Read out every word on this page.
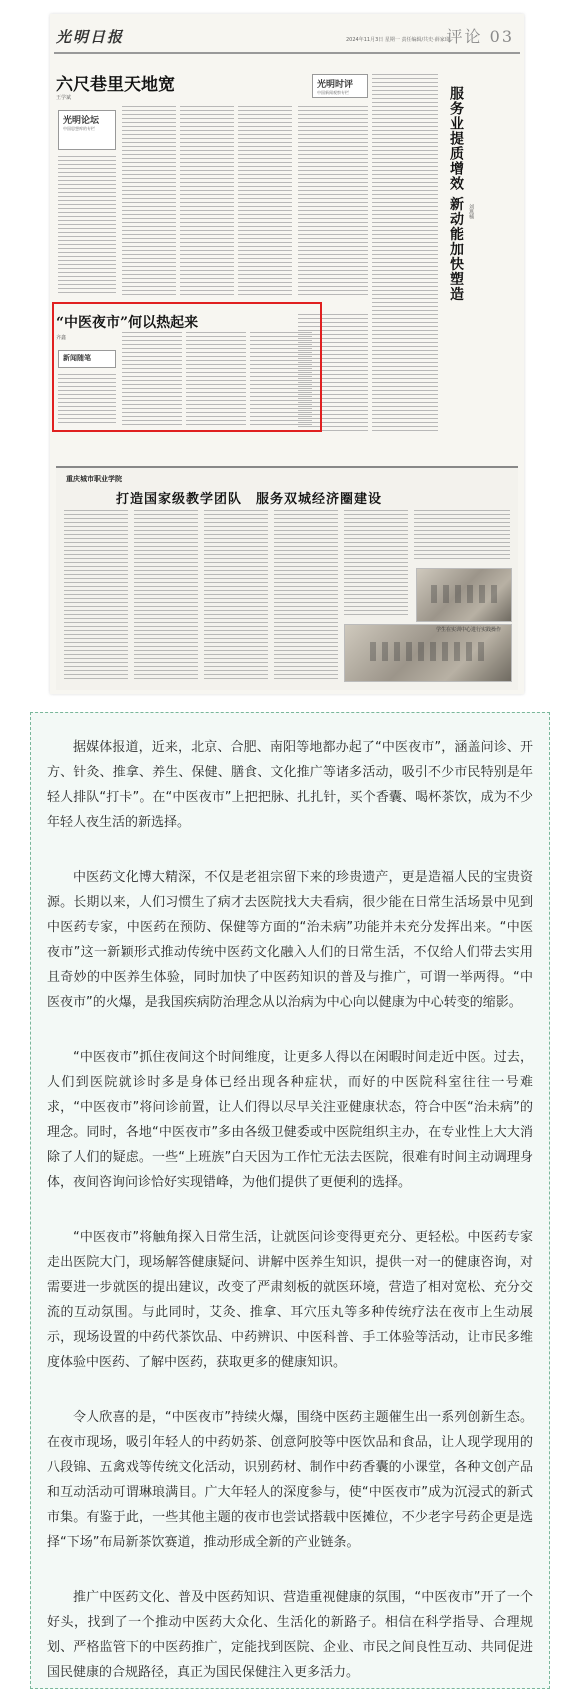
光明日报	2024年11月3日 星期一 责任编辑/共史·薛家琦
评论 03
六尺巷里天地宽
王学斌
光明论坛
中国思想库的专栏
光明时评
中国新闻观察专栏	服务业提质增效 新动能加快塑造 刘燕楠
“中医夜市”何以热起来
齐鑫
新闻随笔
重庆城市职业学院
打造国家级教学团队　服务双城经济圈建设
学生在实训中心进行实践操作

据媒体报道，近来，北京、合肥、南阳等地都办起了“中医夜市”，涵盖问诊、开方、针灸、推拿、养生、保健、膳食、文化推广等诸多活动，吸引不少市民特别是年轻人排队“打卡”。在“中医夜市”上把把脉、扎扎针，买个香囊、喝杯茶饮，成为不少年轻人夜生活的新选择。

中医药文化博大精深，不仅是老祖宗留下来的珍贵遗产，更是造福人民的宝贵资源。长期以来，人们习惯生了病才去医院找大夫看病，很少能在日常生活场景中见到中医药专家，中医药在预防、保健等方面的“治未病”功能并未充分发挥出来。“中医夜市”这一新颖形式推动传统中医药文化融入人们的日常生活，不仅给人们带去实用且奇妙的中医养生体验，同时加快了中医药知识的普及与推广，可谓一举两得。“中医夜市”的火爆，是我国疾病防治理念从以治病为中心向以健康为中心转变的缩影。

“中医夜市”抓住夜间这个时间维度，让更多人得以在闲暇时间走近中医。过去，人们到医院就诊时多是身体已经出现各种症状，而好的中医院科室往往一号难求，“中医夜市”将问诊前置，让人们得以尽早关注亚健康状态，符合中医“治未病”的理念。同时，各地“中医夜市”多由各级卫健委或中医院组织主办，在专业性上大大消除了人们的疑虑。一些“上班族”白天因为工作忙无法去医院，很难有时间主动调理身体，夜间咨询问诊恰好实现错峰，为他们提供了更便利的选择。

“中医夜市”将触角探入日常生活，让就医问诊变得更充分、更轻松。中医药专家走出医院大门，现场解答健康疑问、讲解中医养生知识，提供一对一的健康咨询，对需要进一步就医的提出建议，改变了严肃刻板的就医环境，营造了相对宽松、充分交流的互动氛围。与此同时，艾灸、推拿、耳穴压丸等多种传统疗法在夜市上生动展示，现场设置的中药代茶饮品、中药辨识、中医科普、手工体验等活动，让市民多维度体验中医药、了解中医药，获取更多的健康知识。

令人欣喜的是，“中医夜市”持续火爆，围绕中医药主题催生出一系列创新生态。在夜市现场，吸引年轻人的中药奶茶、创意阿胶等中医饮品和食品，让人现学现用的八段锦、五禽戏等传统文化活动，识别药材、制作中药香囊的小课堂，各种文创产品和互动活动可谓琳琅满目。广大年轻人的深度参与，使“中医夜市”成为沉浸式的新式市集。有鉴于此，一些其他主题的夜市也尝试搭载中医摊位，不少老字号药企更是选择“下场”布局新茶饮赛道，推动形成全新的产业链条。

推广中医药文化、普及中医药知识、营造重视健康的氛围，“中医夜市”开了一个好头，找到了一个推动中医药大众化、生活化的新路子。相信在科学指导、合理规划、严格监管下的中医药推广，定能找到医院、企业、市民之间良性互动、共同促进国民健康的合规路径，真正为国民保健注入更多活力。
